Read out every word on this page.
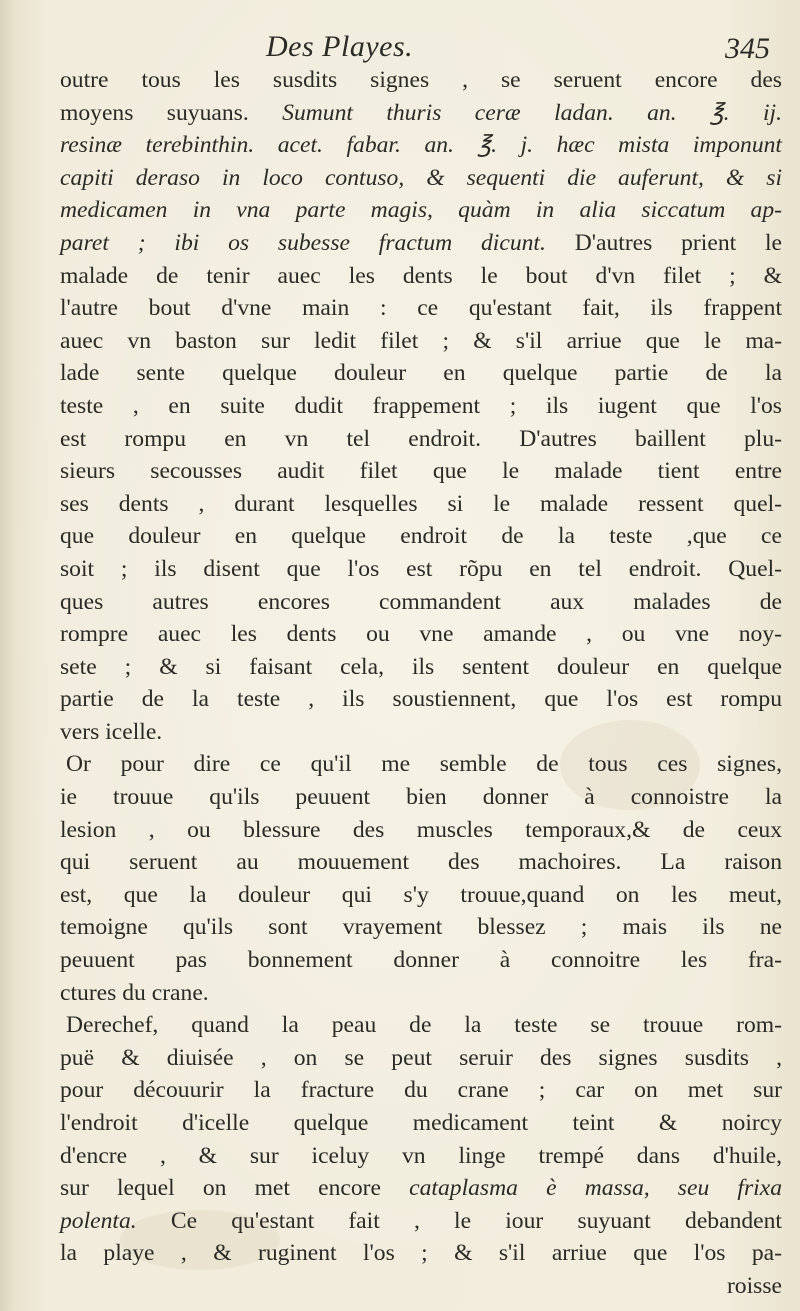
Des Playes.	345
outre tous les susdits signes , se seruent encore des
moyens suyuans. Sumunt thuris ceræ ladan. an. ℥. ij.
resinæ terebinthin. acet. fabar. an. ℥. j. hæc mista imponunt
capiti deraso in loco contuso, & sequenti die auferunt, & si
medicamen in vna parte magis, quàm in alia siccatum ap-
paret ; ibi os subesse fractum dicunt. D'autres prient le
malade de tenir auec les dents le bout d'vn filet ; &
l'autre bout d'vne main : ce qu'estant fait, ils frappent
auec vn baston sur ledit filet ; & s'il arriue que le ma-
lade sente quelque douleur en quelque partie de la
teste , en suite dudit frappement ; ils iugent que l'os
est rompu en vn tel endroit. D'autres baillent plu-
sieurs secousses audit filet que le malade tient entre
ses dents , durant lesquelles si le malade ressent quel-
que douleur en quelque endroit de la teste ,que ce
soit ; ils disent que l'os est rõpu en tel endroit. Quel-
ques autres encores commandent aux malades de
rompre auec les dents ou vne amande , ou vne noy-
sete ; & si faisant cela, ils sentent douleur en quelque
partie de la teste , ils soustiennent, que l'os est rompu
vers icelle.
Or pour dire ce qu'il me semble de tous ces signes,
ie trouue qu'ils peuuent bien donner à connoistre la
lesion , ou blessure des muscles temporaux,& de ceux
qui seruent au mouuement des machoires. La raison
est, que la douleur qui s'y trouue,quand on les meut,
temoigne qu'ils sont vrayement blessez ; mais ils ne
peuuent pas bonnement donner à connoitre les fra-
ctures du crane.
Derechef, quand la peau de la teste se trouue rom-
puë & diuisée , on se peut seruir des signes susdits ,
pour découurir la fracture du crane ; car on met sur
l'endroit d'icelle quelque medicament teint & noircy
d'encre , & sur iceluy vn linge trempé dans d'huile,
sur lequel on met encore cataplasma è massa, seu frixa
polenta. Ce qu'estant fait , le iour suyuant debandent
la playe , & ruginent l'os ; & s'il arriue que l'os pa-
roisse
